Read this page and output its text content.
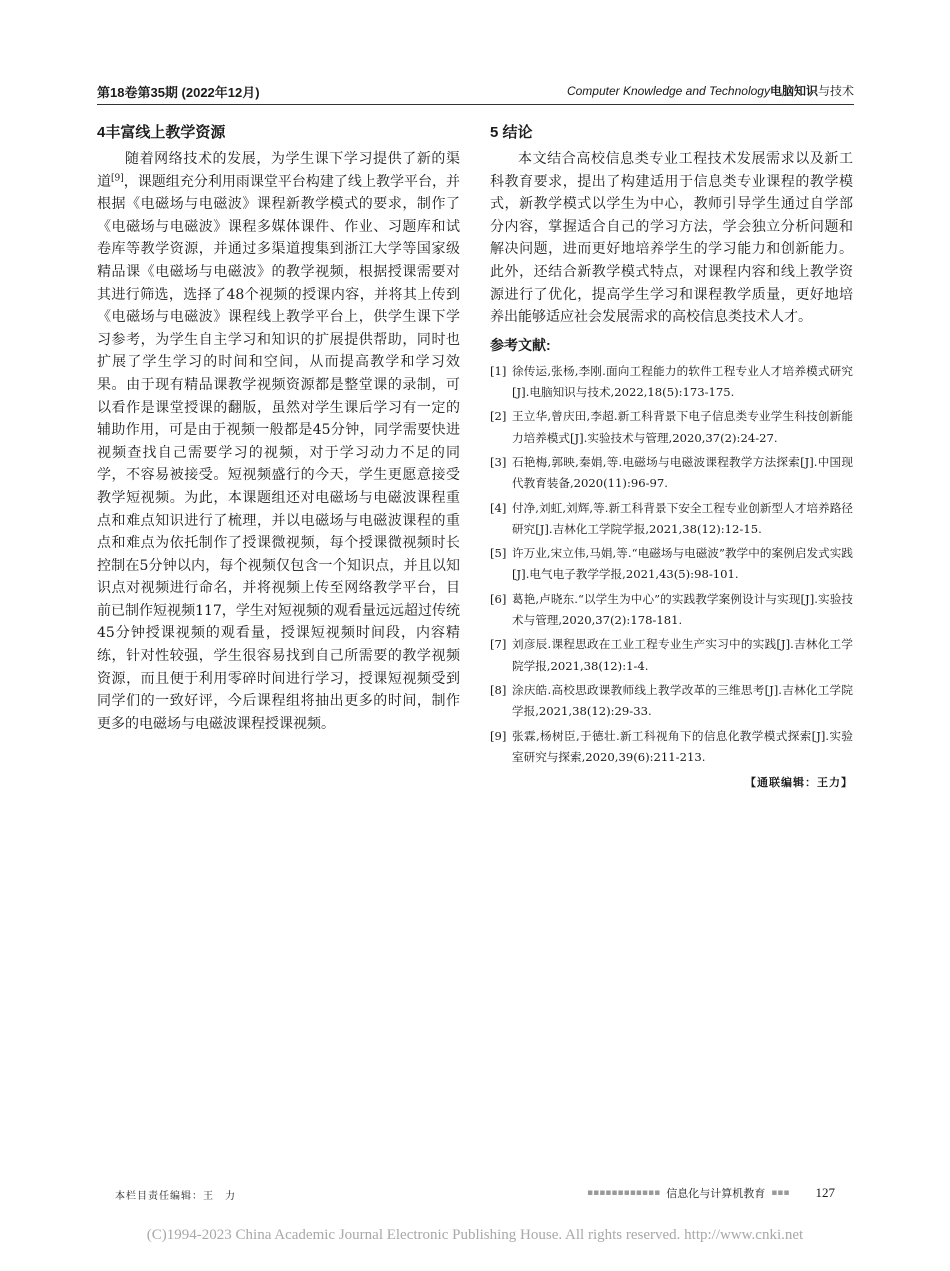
第18卷第35期 (2022年12月)	Computer Knowledge and Technology电脑知识与技术
4丰富线上教学资源

随着网络技术的发展，为学生课下学习提供了新的渠道[9]，课题组充分利用雨课堂平台构建了线上教学平台，并根据《电磁场与电磁波》课程新教学模式的要求，制作了《电磁场与电磁波》课程多媒体课件、作业、习题库和试卷库等教学资源，并通过多渠道搜集到浙江大学等国家级精品课《电磁场与电磁波》的教学视频，根据授课需要对其进行筛选，选择了48个视频的授课内容，并将其上传到《电磁场与电磁波》课程线上教学平台上，供学生课下学习参考，为学生自主学习和知识的扩展提供帮助，同时也扩展了学生学习的时间和空间，从而提高教学和学习效果。由于现有精品课教学视频资源都是整堂课的录制，可以看作是课堂授课的翻版，虽然对学生课后学习有一定的辅助作用，可是由于视频一般都是45分钟，同学需要快进视频查找自己需要学习的视频，对于学习动力不足的同学，不容易被接受。短视频盛行的今天，学生更愿意接受教学短视频。为此，本课题组还对电磁场与电磁波课程重点和难点知识进行了梳理，并以电磁场与电磁波课程的重点和难点为依托制作了授课微视频，每个授课微视频时长控制在5分钟以内，每个视频仅包含一个知识点，并且以知识点对视频进行命名，并将视频上传至网络教学平台，目前已制作短视频117，学生对短视频的观看量远远超过传统45分钟授课视频的观看量，授课短视频时间段，内容精练，针对性较强，学生很容易找到自己所需要的教学视频资源，而且便于利用零碎时间进行学习，授课短视频受到同学们的一致好评，今后课程组将抽出更多的时间，制作更多的电磁场与电磁波课程授课视频。

5 结论

本文结合高校信息类专业工程技术发展需求以及新工科教育要求，提出了构建适用于信息类专业课程的教学模式，新教学模式以学生为中心，教师引导学生通过自学部分内容，掌握适合自己的学习方法，学会独立分析问题和解决问题，进而更好地培养学生的学习能力和创新能力。此外，还结合新教学模式特点，对课程内容和线上教学资源进行了优化，提高学生学习和课程教学质量，更好地培养出能够适应社会发展需求的高校信息类技术人才。

参考文献:
[1] 徐传运,张杨,李刚.面向工程能力的软件工程专业人才培养模式研究[J].电脑知识与技术,2022,18(5):173-175.
[2] 王立华,曾庆田,李超.新工科背景下电子信息类专业学生科技创新能力培养模式[J].实验技术与管理,2020,37(2):24-27.
[3] 石艳梅,郭映,秦娟,等.电磁场与电磁波课程教学方法探索[J].中国现代教育装备,2020(11):96-97.
[4] 付净,刘虹,刘辉,等.新工科背景下安全工程专业创新型人才培养路径研究[J].吉林化工学院学报,2021,38(12):12-15.
[5] 许万业,宋立伟,马娟,等.“电磁场与电磁波”教学中的案例启发式实践[J].电气电子教学学报,2021,43(5):98-101.
[6] 葛艳,卢晓东.“以学生为中心”的实践教学案例设计与实现[J].实验技术与管理,2020,37(2):178-181.
[7] 刘彦辰.课程思政在工业工程专业生产实习中的实践[J].吉林化工学院学报,2021,38(12):1-4.
[8] 涂庆皓.高校思政课教师线上教学改革的三维思考[J].吉林化工学院学报,2021,38(12):29-33.
[9] 张霖,杨树臣,于德壮.新工科视角下的信息化教学模式探索[J].实验室研究与探索,2020,39(6):211-213.
【通联编辑：王力】
本栏目责任编辑：王　力	▪▪▪▪▪▪▪▪▪▪▪▪ 信息化与计算机教育 ▪▪▪ 127
(C)1994-2023 China Academic Journal Electronic Publishing House. All rights reserved. http://www.cnki.net
